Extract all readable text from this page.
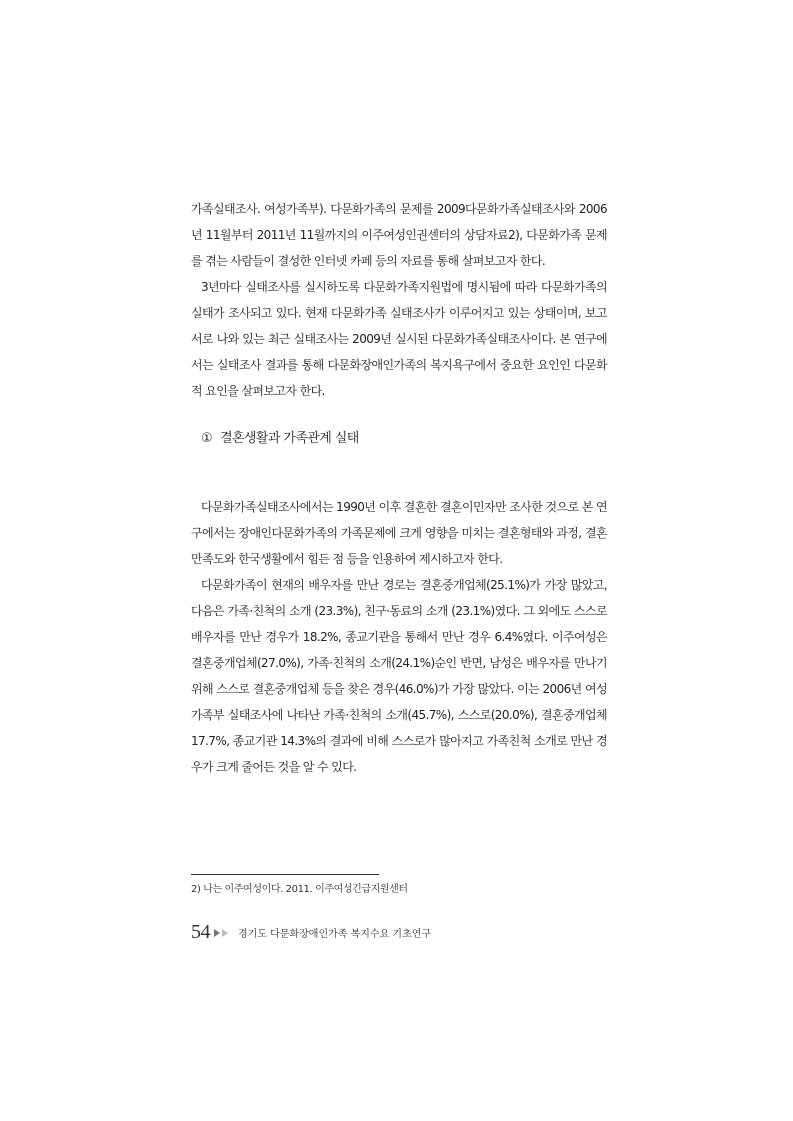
가족실태조사. 여성가족부). 다문화가족의 문제를 2009다문화가족실태조사와 2006년 11월부터 2011년 11월까지의 이주여성인권센터의 상담자료2), 다문화가족 문제를 겪는 사람들이 결성한 인터넷 카페 등의 자료를 통해 살펴보고자 한다.

3년마다 실태조사를 실시하도록 다문화가족지원법에 명시됨에 따라 다문화가족의 실태가 조사되고 있다. 현재 다문화가족 실태조사가 이루어지고 있는 상태이며, 보고서로 나와 있는 최근 실태조사는 2009년 실시된 다문화가족실태조사이다. 본 연구에서는 실태조사 결과를 통해 다문화장애인가족의 복지욕구에서 중요한 요인인 다문화적 요인을 살펴보고자 한다.

① 결혼생활과 가족관계 실태

다문화가족실태조사에서는 1990년 이후 결혼한 결혼이민자만 조사한 것으로 본 연구에서는 장애인다문화가족의 가족문제에 크게 영향을 미치는 결혼형태와 과정, 결혼 만족도와 한국생활에서 힘든 점 등을 인용하여 제시하고자 한다.

다문화가족이 현재의 배우자를 만난 경로는 결혼중개업체(25.1%)가 가장 많았고, 다음은 가족·친척의 소개 (23.3%), 친구·동료의 소개 (23.1%)였다. 그 외에도 스스로 배우자를 만난 경우가 18.2%, 종교기관을 통해서 만난 경우 6.4%였다. 이주여성은 결혼중개업체(27.0%), 가족·친척의 소개(24.1%)순인 반면, 남성은 배우자를 만나기 위해 스스로 결혼중개업체 등을 찾은 경우(46.0%)가 가장 많았다. 이는 2006년 여성가족부 실태조사에 나타난 가족·친척의 소개(45.7%), 스스로(20.0%), 결혼중개업체 17.7%, 종교기관 14.3%의 결과에 비해 스스로가 많아지고 가족친척 소개로 만난 경우가 크게 줄어든 것을 알 수 있다.

2) 나는 이주여성이다. 2011. 이주여성긴급지원센터
54	경기도 다문화장애인가족 복지수요 기초연구
